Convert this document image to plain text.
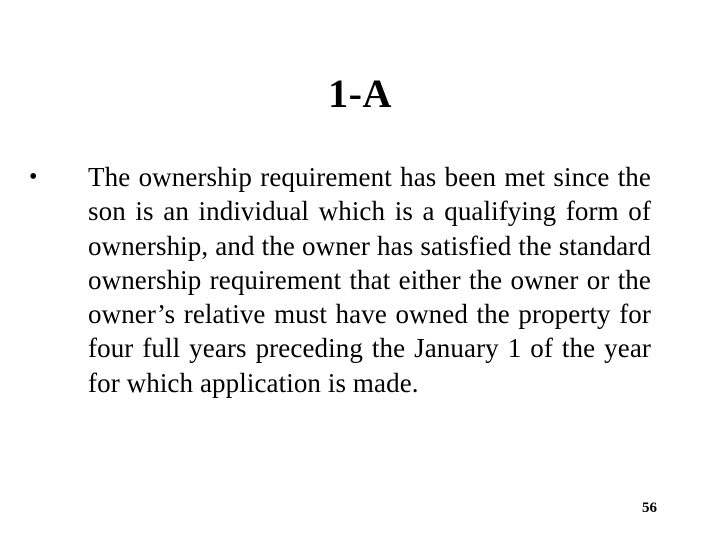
1-A
•	The ownership requirement has been met since the son is an individual which is a qualifying form of ownership, and the owner has satisfied the standard ownership requirement that either the owner or the owner’s relative must have owned the property for four full years preceding the January 1 of the year for which application is made.
56
